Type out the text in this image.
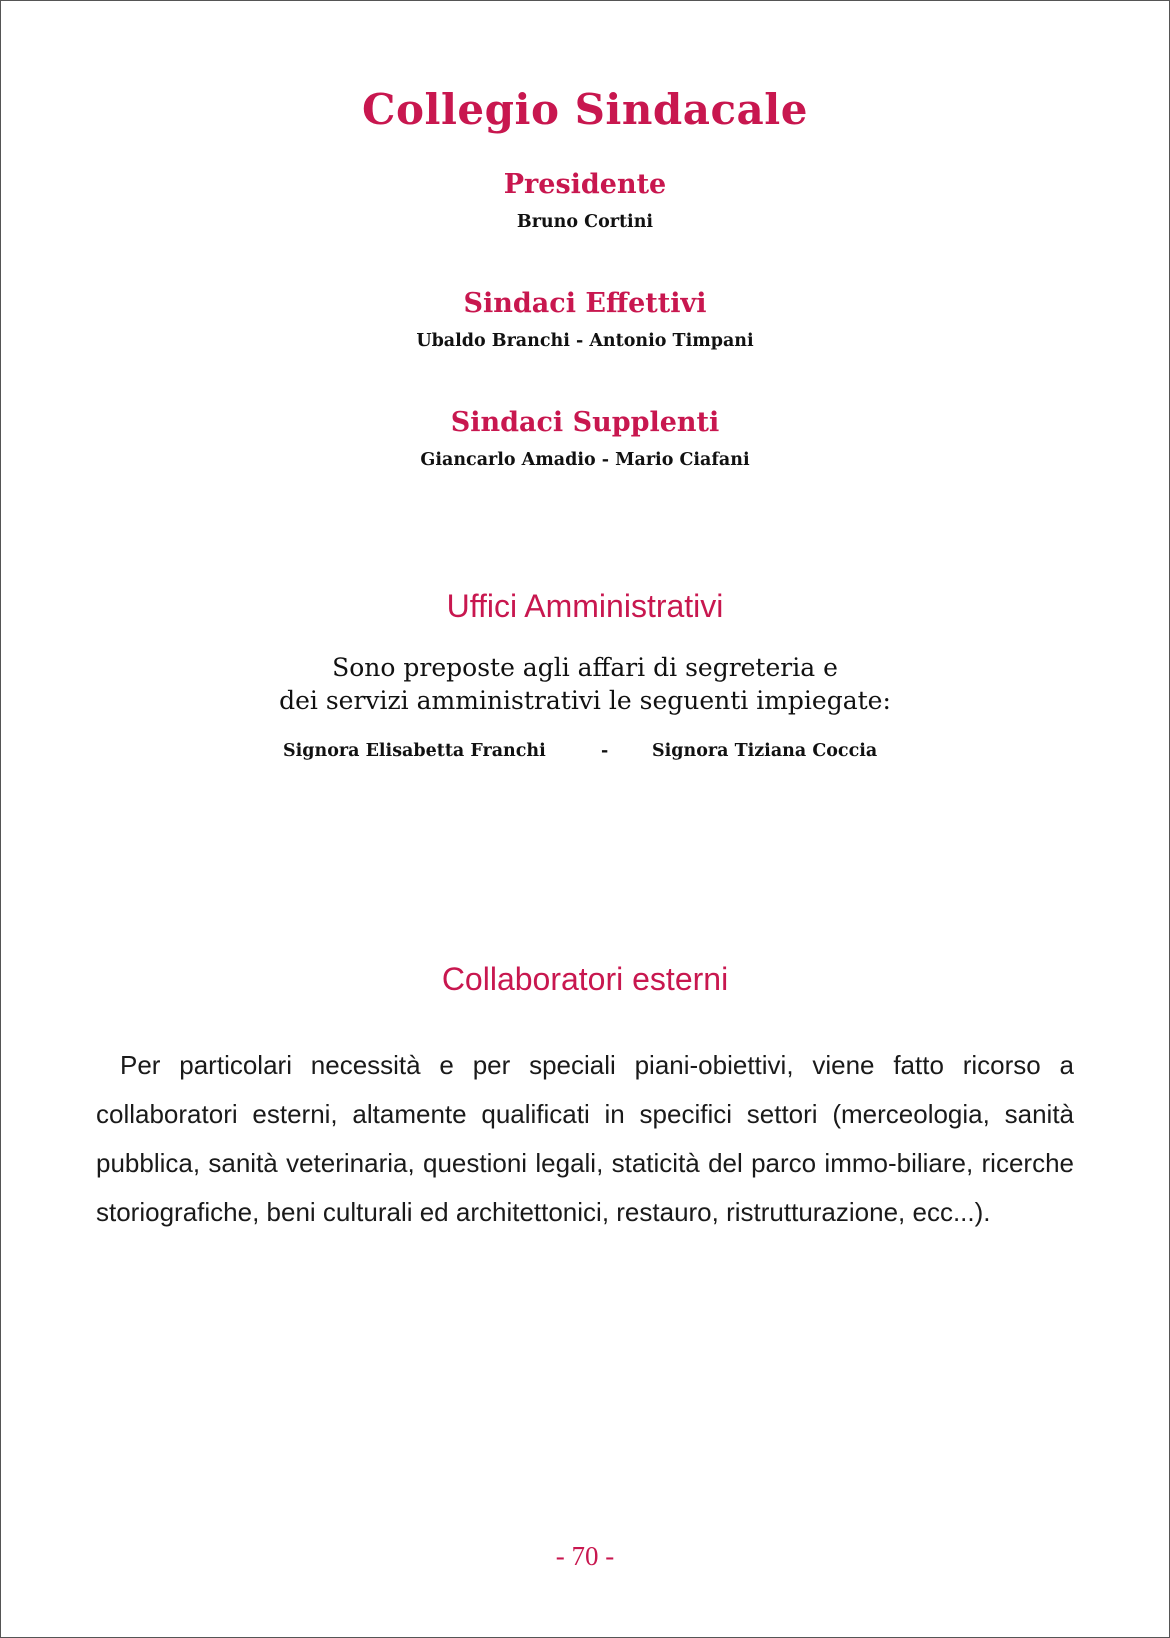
Collegio Sindacale
Presidente
Bruno Cortini
Sindaci Effettivi
Ubaldo Branchi - Antonio Timpani
Sindaci Supplenti
Giancarlo Amadio - Mario Ciafani
Uffici Amministrativi
Sono preposte agli affari di segreteria e
dei servizi amministrativi le seguenti impiegate:
Signora Elisabetta Franchi	- Signora Tiziana Coccia
Collaboratori esterni
Per particolari necessità e per speciali piani-obiettivi, viene fatto ricorso a collaboratori esterni, altamente qualificati in specifici settori (merceologia, sanità pubblica, sanità veterinaria, questioni legali, staticità del parco immo-biliare, ricerche storiografiche, beni culturali ed architettonici, restauro, ristrutturazione, ecc...).
- 70 -
